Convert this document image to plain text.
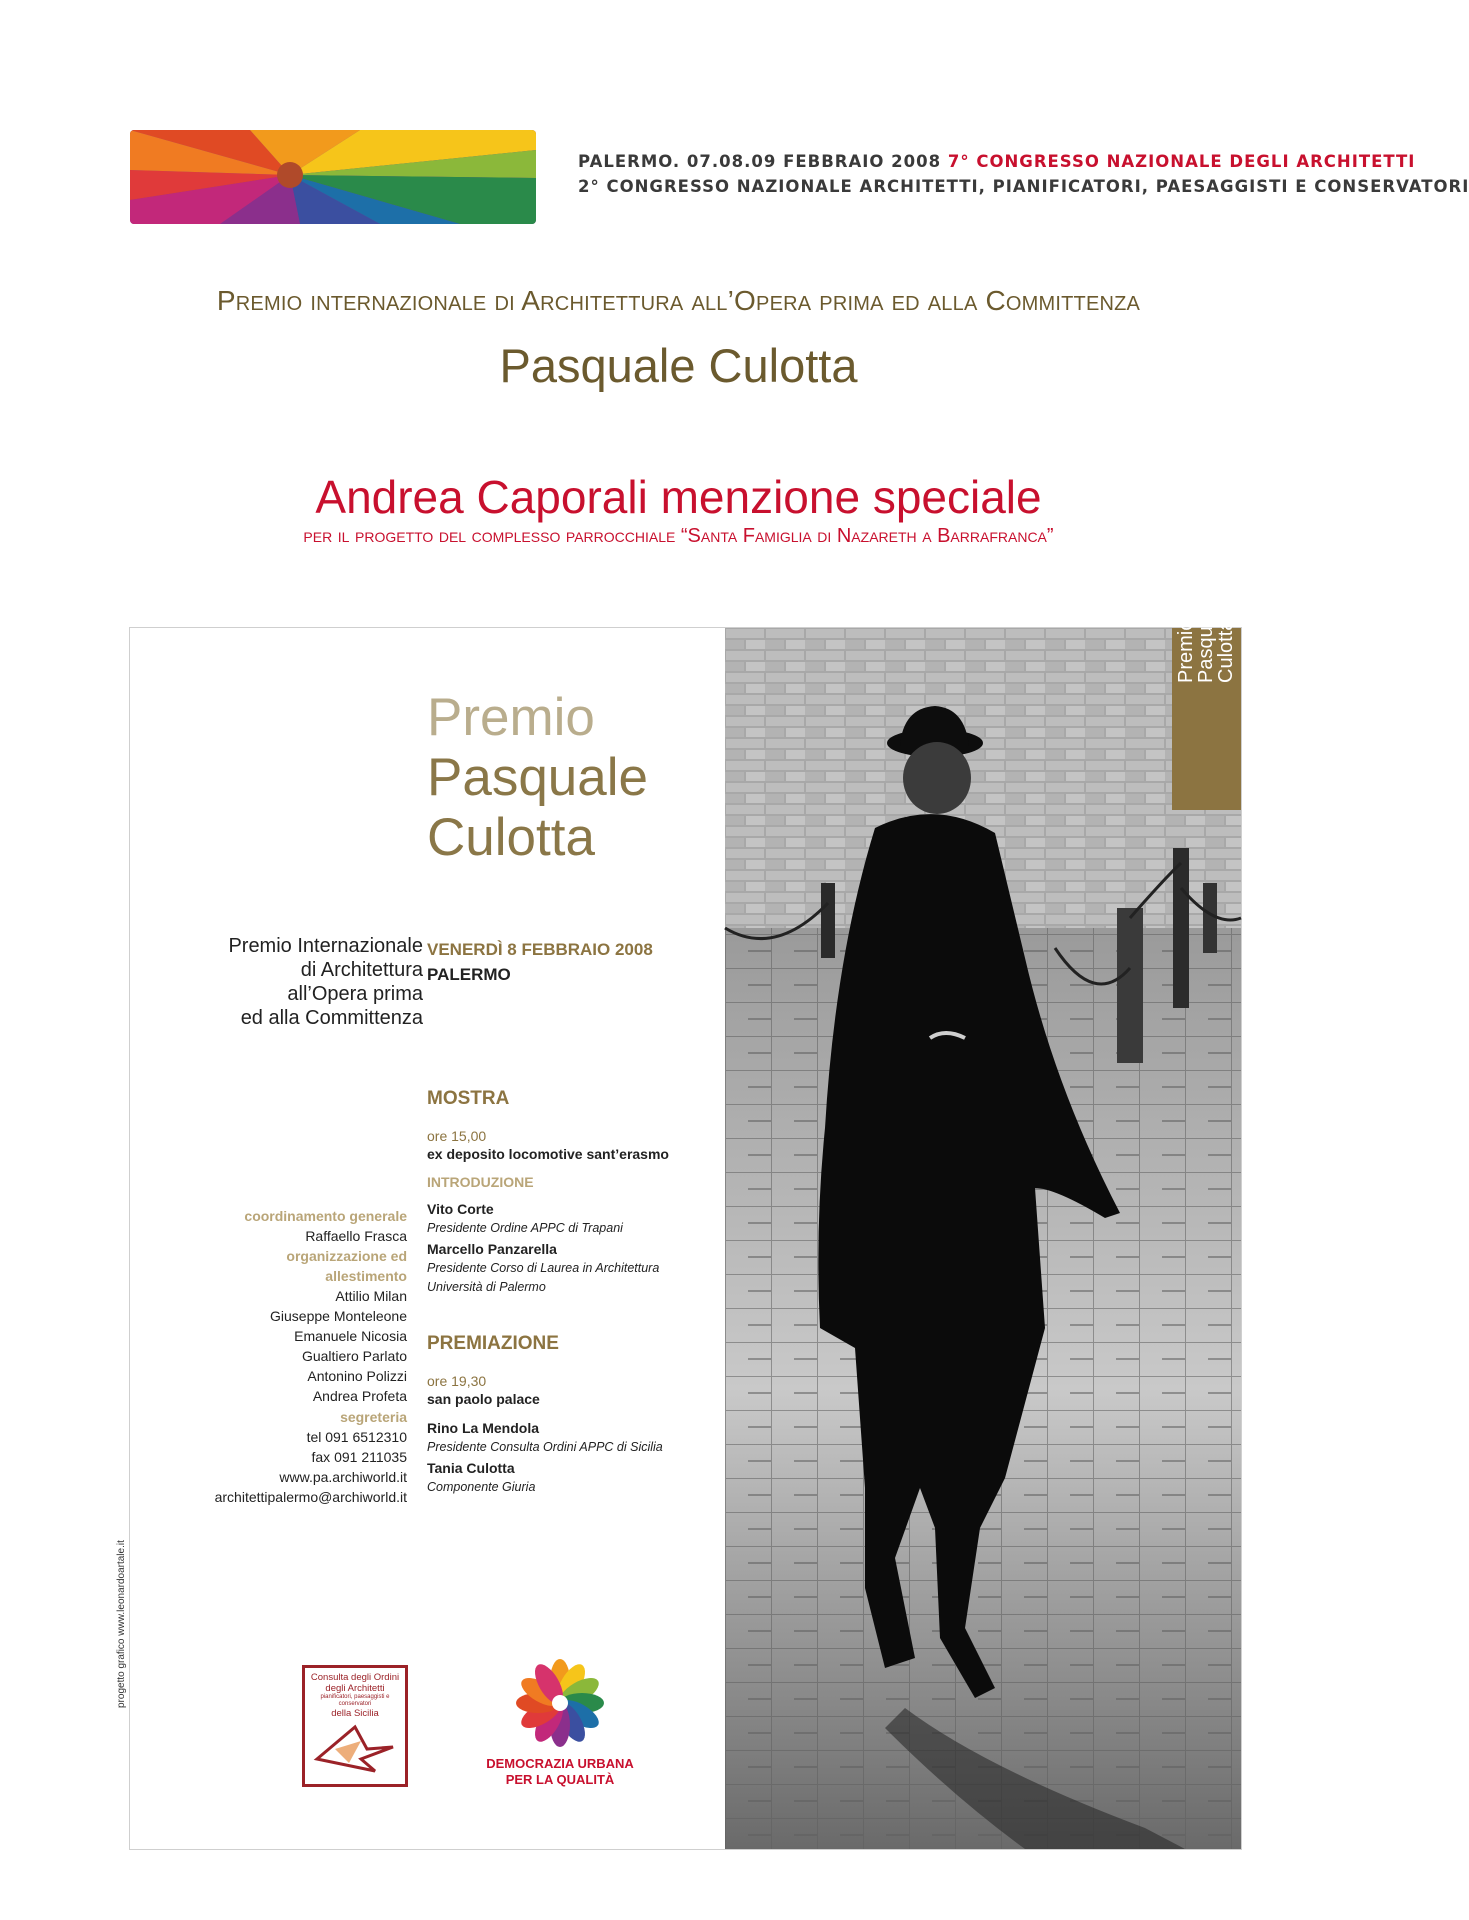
PALERMO. 07.08.09 FEBBRAIO 2008 7° CONGRESSO NAZIONALE DEGLI ARCHITETTI
2° CONGRESSO NAZIONALE ARCHITETTI, PIANIFICATORI, PAESAGGISTI E CONSERVATORI
Premio internazionale di Architettura all’Opera prima ed alla Committenza
Pasquale Culotta
Andrea Caporali menzione speciale
per il progetto del complesso parrocchiale “Santa Famiglia di Nazareth a Barrafranca”
Premio
Pasquale
Culotta
Premio
Pasquale
Culotta
Premio Internazionale
di Architettura
all’Opera prima
ed alla Committenza
VENERDÌ 8 FEBBRAIO 2008
PALERMO
MOSTRA
ore 15,00
ex deposito locomotive sant’erasmo
INTRODUZIONE
Vito Corte
Presidente Ordine APPC di Trapani
Marcello Panzarella
Presidente Corso di Laurea in Architettura
Università di Palermo
PREMIAZIONE
ore 19,30
san paolo palace
Rino La Mendola
Presidente Consulta Ordini APPC di Sicilia
Tania Culotta
Componente Giuria
coordinamento generale
Raffaello Frasca
organizzazione ed
allestimento
Attilio Milan
Giuseppe Monteleone
Emanuele Nicosia
Gualtiero Parlato
Antonino Polizzi
Andrea Profeta
segreteria
tel 091 6512310
fax 091 211035
www.pa.archiworld.it
architettipalermo@archiworld.it
progetto grafico www.leonardoartale.it	Consulta degli Ordini
degli Architetti
pianificatori, paesaggisti e conservatori
della Sicilia
DEMOCRAZIA URBANA
PER LA QUALITÀ
